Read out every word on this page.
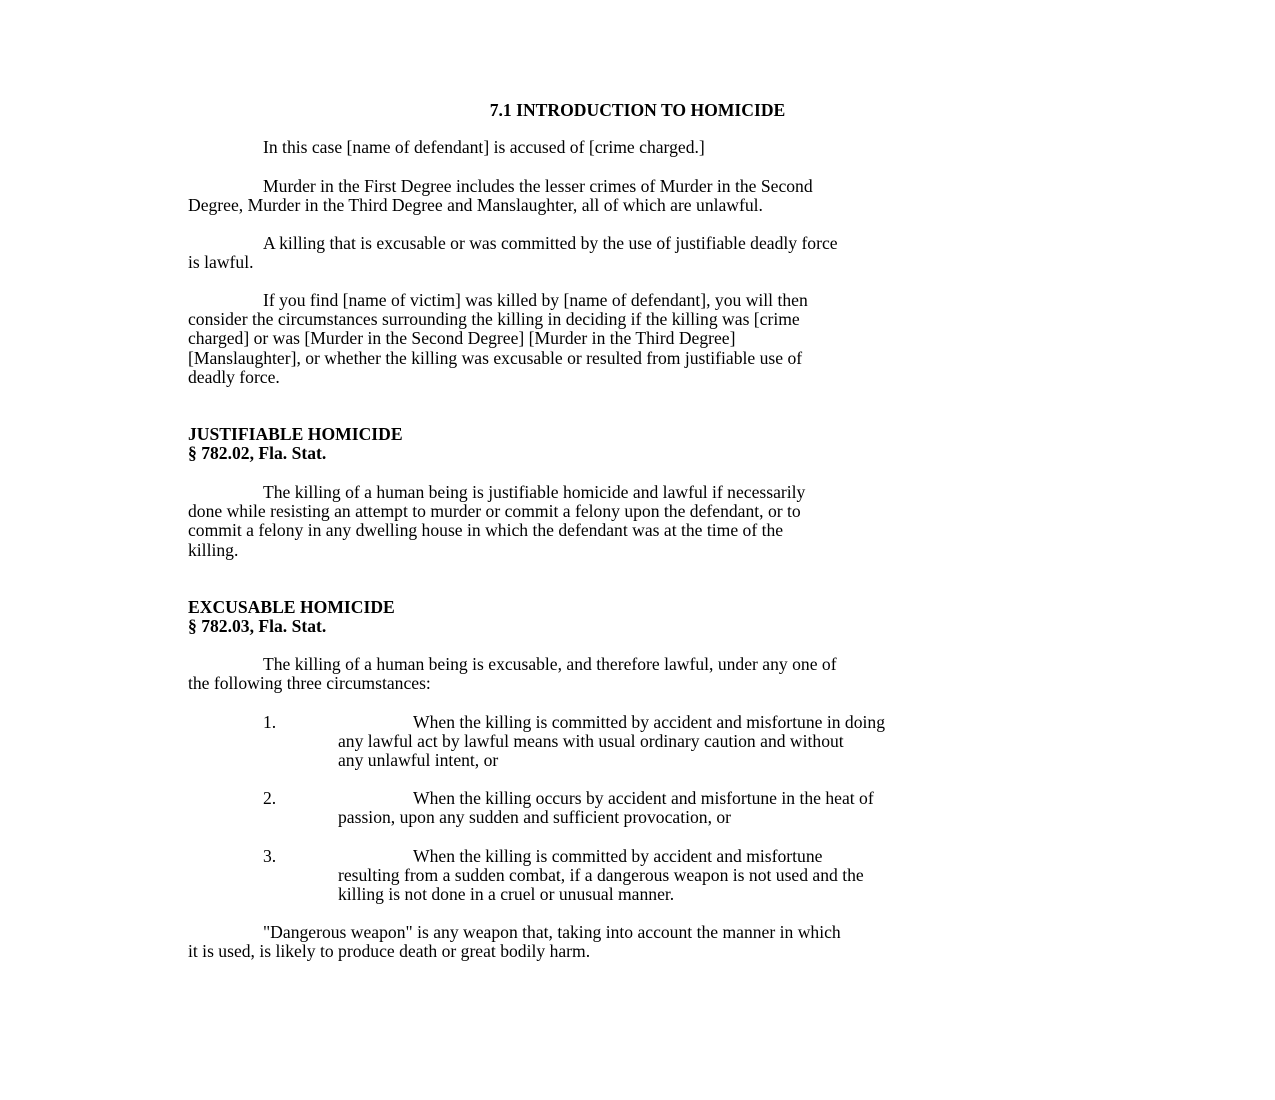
7.1 INTRODUCTION TO HOMICIDE
In this case [name of defendant] is accused of [crime charged.]
Murder in the First Degree includes the lesser crimes of Murder in the Second
Degree, Murder in the Third Degree and Manslaughter, all of which are unlawful.
A killing that is excusable or was committed by the use of justifiable deadly force
is lawful.
If you find [name of victim] was killed by [name of defendant], you will then
consider the circumstances surrounding the killing in deciding if the killing was [crime
charged] or was [Murder in the Second Degree] [Murder in the Third Degree]
[Manslaughter], or whether the killing was excusable or resulted from justifiable use of
deadly force.
JUSTIFIABLE HOMICIDE
§ 782.02, Fla. Stat.
The killing of a human being is justifiable homicide and lawful if necessarily
done while resisting an attempt to murder or commit a felony upon the defendant, or to
commit a felony in any dwelling house in which the defendant was at the time of the
killing.
EXCUSABLE HOMICIDE
§ 782.03, Fla. Stat.
The killing of a human being is excusable, and therefore lawful, under any one of
the following three circumstances:
1.	When the killing is committed by accident and misfortune in doing
any lawful act by lawful means with usual ordinary caution and without
any unlawful intent, or
2.	When the killing occurs by accident and misfortune in the heat of
passion, upon any sudden and sufficient provocation, or
3.	When the killing is committed by accident and misfortune
resulting from a sudden combat, if a dangerous weapon is not used and the
killing is not done in a cruel or unusual manner.
"Dangerous weapon" is any weapon that, taking into account the manner in which
it is used, is likely to produce death or great bodily harm.
